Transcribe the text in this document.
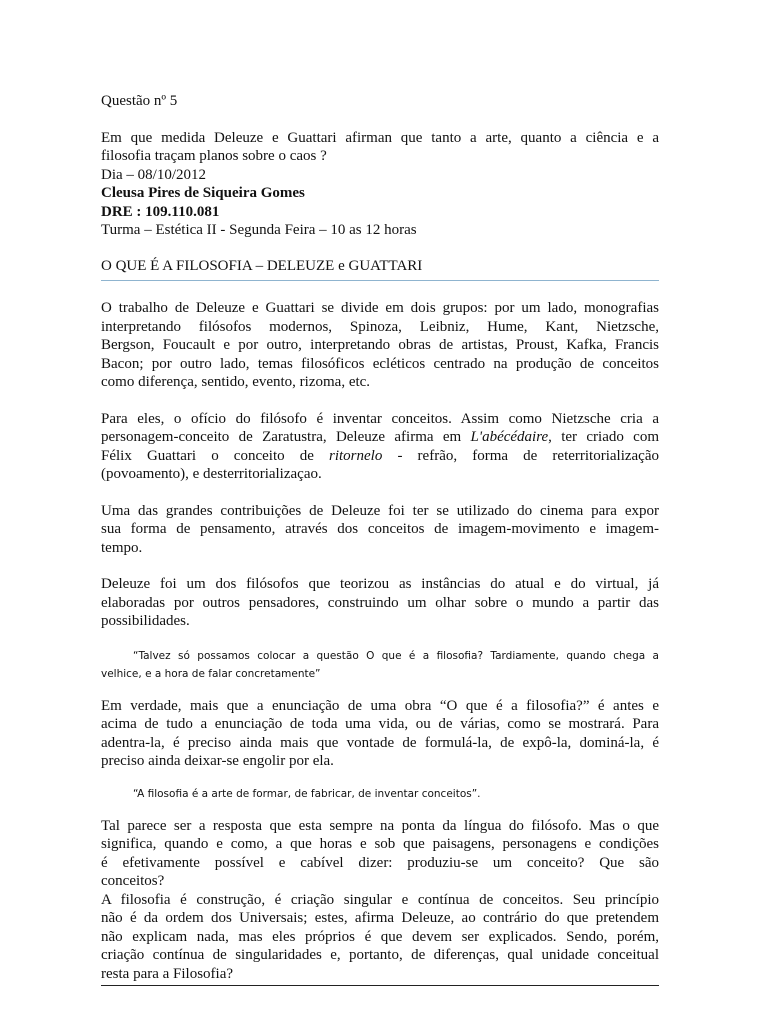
Questão nº 5

Em que medida Deleuze e Guattari afirman que tanto a arte, quanto a ciência e a
filosofia traçam planos sobre o caos ?

Dia – 08/10/2012

Cleusa Pires de Siqueira Gomes

DRE : 109.110.081

Turma – Estética II - Segunda Feira – 10 as 12 horas

O QUE É A FILOSOFIA – DELEUZE e GUATTARI

O trabalho de Deleuze e Guattari se divide em dois grupos: por um lado, monografias
interpretando filósofos modernos, Spinoza, Leibniz, Hume, Kant, Nietzsche,
Bergson, Foucault e por outro, interpretando obras de artistas, Proust, Kafka, Francis
Bacon; por outro lado, temas filosóficos ecléticos centrado na produção de conceitos
como diferença, sentido, evento, rizoma, etc.

Para eles, o ofício do filósofo é inventar conceitos. Assim como Nietzsche cria a
personagem-conceito de Zaratustra, Deleuze afirma em L'abécédaire, ter criado com
Félix Guattari o conceito de ritornelo - refrão, forma de reterritorialização
(povoamento), e desterritorializaçao.

Uma das grandes contribuições de Deleuze foi ter se utilizado do cinema para expor
sua forma de pensamento, através dos conceitos de imagem-movimento e imagem-
tempo.

Deleuze foi um dos filósofos que teorizou as instâncias do atual e do virtual, já
elaboradas por outros pensadores, construindo um olhar sobre o mundo a partir das
possibilidades.

“Talvez só possamos colocar a questão O que é a filosofia? Tardiamente, quando chega a
velhice, e a hora de falar concretamente”

Em verdade, mais que a enunciação de uma obra “O que é a filosofia?” é antes e
acima de tudo a enunciação de toda uma vida, ou de várias, como se mostrará. Para
adentra-la, é preciso ainda mais que vontade de formulá-la, de expô-la, dominá-la, é
preciso ainda deixar-se engolir por ela.

“A filosofia é a arte de formar, de fabricar, de inventar conceitos”.

Tal parece ser a resposta que esta sempre na ponta da língua do filósofo. Mas o que
significa, quando e como, a que horas e sob que paisagens, personagens e condições
é efetivamente possível e cabível dizer: produziu-se um conceito? Que são
conceitos?

A filosofia é construção, é criação singular e contínua de conceitos. Seu princípio
não é da ordem dos Universais; estes, afirma Deleuze, ao contrário do que pretendem
não explicam nada, mas eles próprios é que devem ser explicados. Sendo, porém,
criação contínua de singularidades e, portanto, de diferenças, qual unidade conceitual
resta para a Filosofia?
